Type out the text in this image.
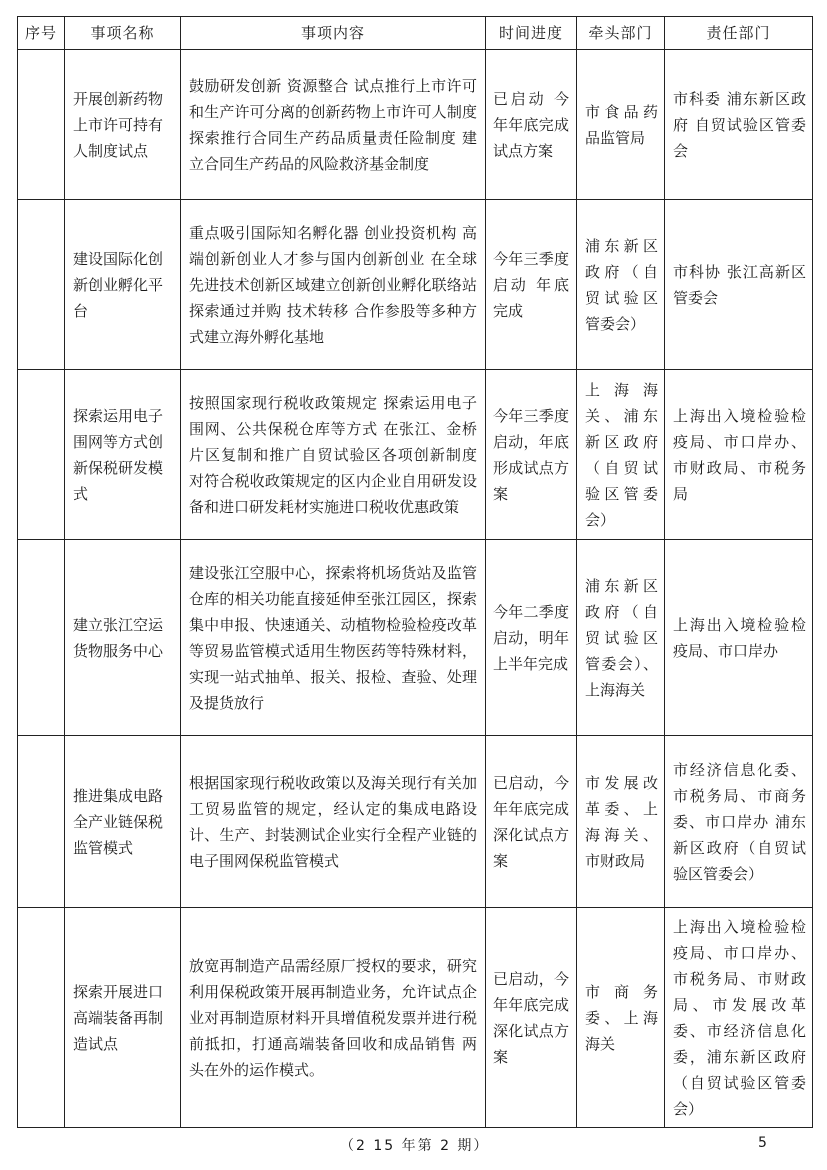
序号	事项名称	事项内容	时间进度	牵头部门	责任部门

	开展创新药物上市许可持有人制度试点	鼓励研发创新 资源整合 试点推行上市许可和生产许可分离的创新药物上市许可人制度 探索推行合同生产药品质量责任险制度 建立合同生产药品的风险救济基金制度	已启动 今年年底完成试点方案	市食品药品监管局	市科委 浦东新区政府 自贸试验区管委会

	建设国际化创新创业孵化平台	重点吸引国际知名孵化器 创业投资机构 高端创新创业人才参与国内创新创业 在全球先进技术创新区域建立创新创业孵化联络站 探索通过并购 技术转移 合作参股等多种方式建立海外孵化基地	今年三季度启动 年底完成	浦东新区政府（自贸试验区管委会）	市科协 张江高新区管委会

	探索运用电子围网等方式创新保税研发模式	按照国家现行税收政策规定 探索运用电子围网、公共保税仓库等方式 在张江、金桥片区复制和推广自贸试验区各项创新制度 对符合税收政策规定的区内企业自用研发设备和进口研发耗材实施进口税收优惠政策	今年三季度启动，年底形成试点方案	上海海关、浦东新区政府（自贸试验区管委会）	上海出入境检验检疫局、市口岸办、市财政局、市税务局

	建立张江空运货物服务中心	建设张江空服中心，探索将机场货站及监管仓库的相关功能直接延伸至张江园区，探索集中申报、快速通关、动植物检验检疫改革等贸易监管模式适用生物医药等特殊材料，实现一站式抽单、报关、报检、查验、处理及提货放行	今年二季度启动，明年上半年完成	浦东新区政府（自贸试验区管委会）、上海海关	上海出入境检验检疫局、市口岸办

	推进集成电路全产业链保税监管模式	根据国家现行税收政策以及海关现行有关加工贸易监管的规定，经认定的集成电路设计、生产、封装测试企业实行全程产业链的电子围网保税监管模式	已启动，今年年底完成深化试点方案	市发展改革委、上海海关、市财政局	市经济信息化委、市税务局、市商务委、市口岸办 浦东新区政府（自贸试验区管委会）

	探索开展进口高端装备再制造试点	放宽再制造产品需经原厂授权的要求，研究利用保税政策开展再制造业务，允许试点企业对再制造原材料开具增值税发票并进行税前抵扣，打通高端装备回收和成品销售 两头在外的运作模式。	已启动，今年年底完成深化试点方案	市商务委、上海海关	上海出入境检验检疫局、市口岸办、市税务局、市财政局、市发展改革委、市经济信息化委，浦东新区政府（自贸试验区管委会）
（2 15 年第 2 期）	5
